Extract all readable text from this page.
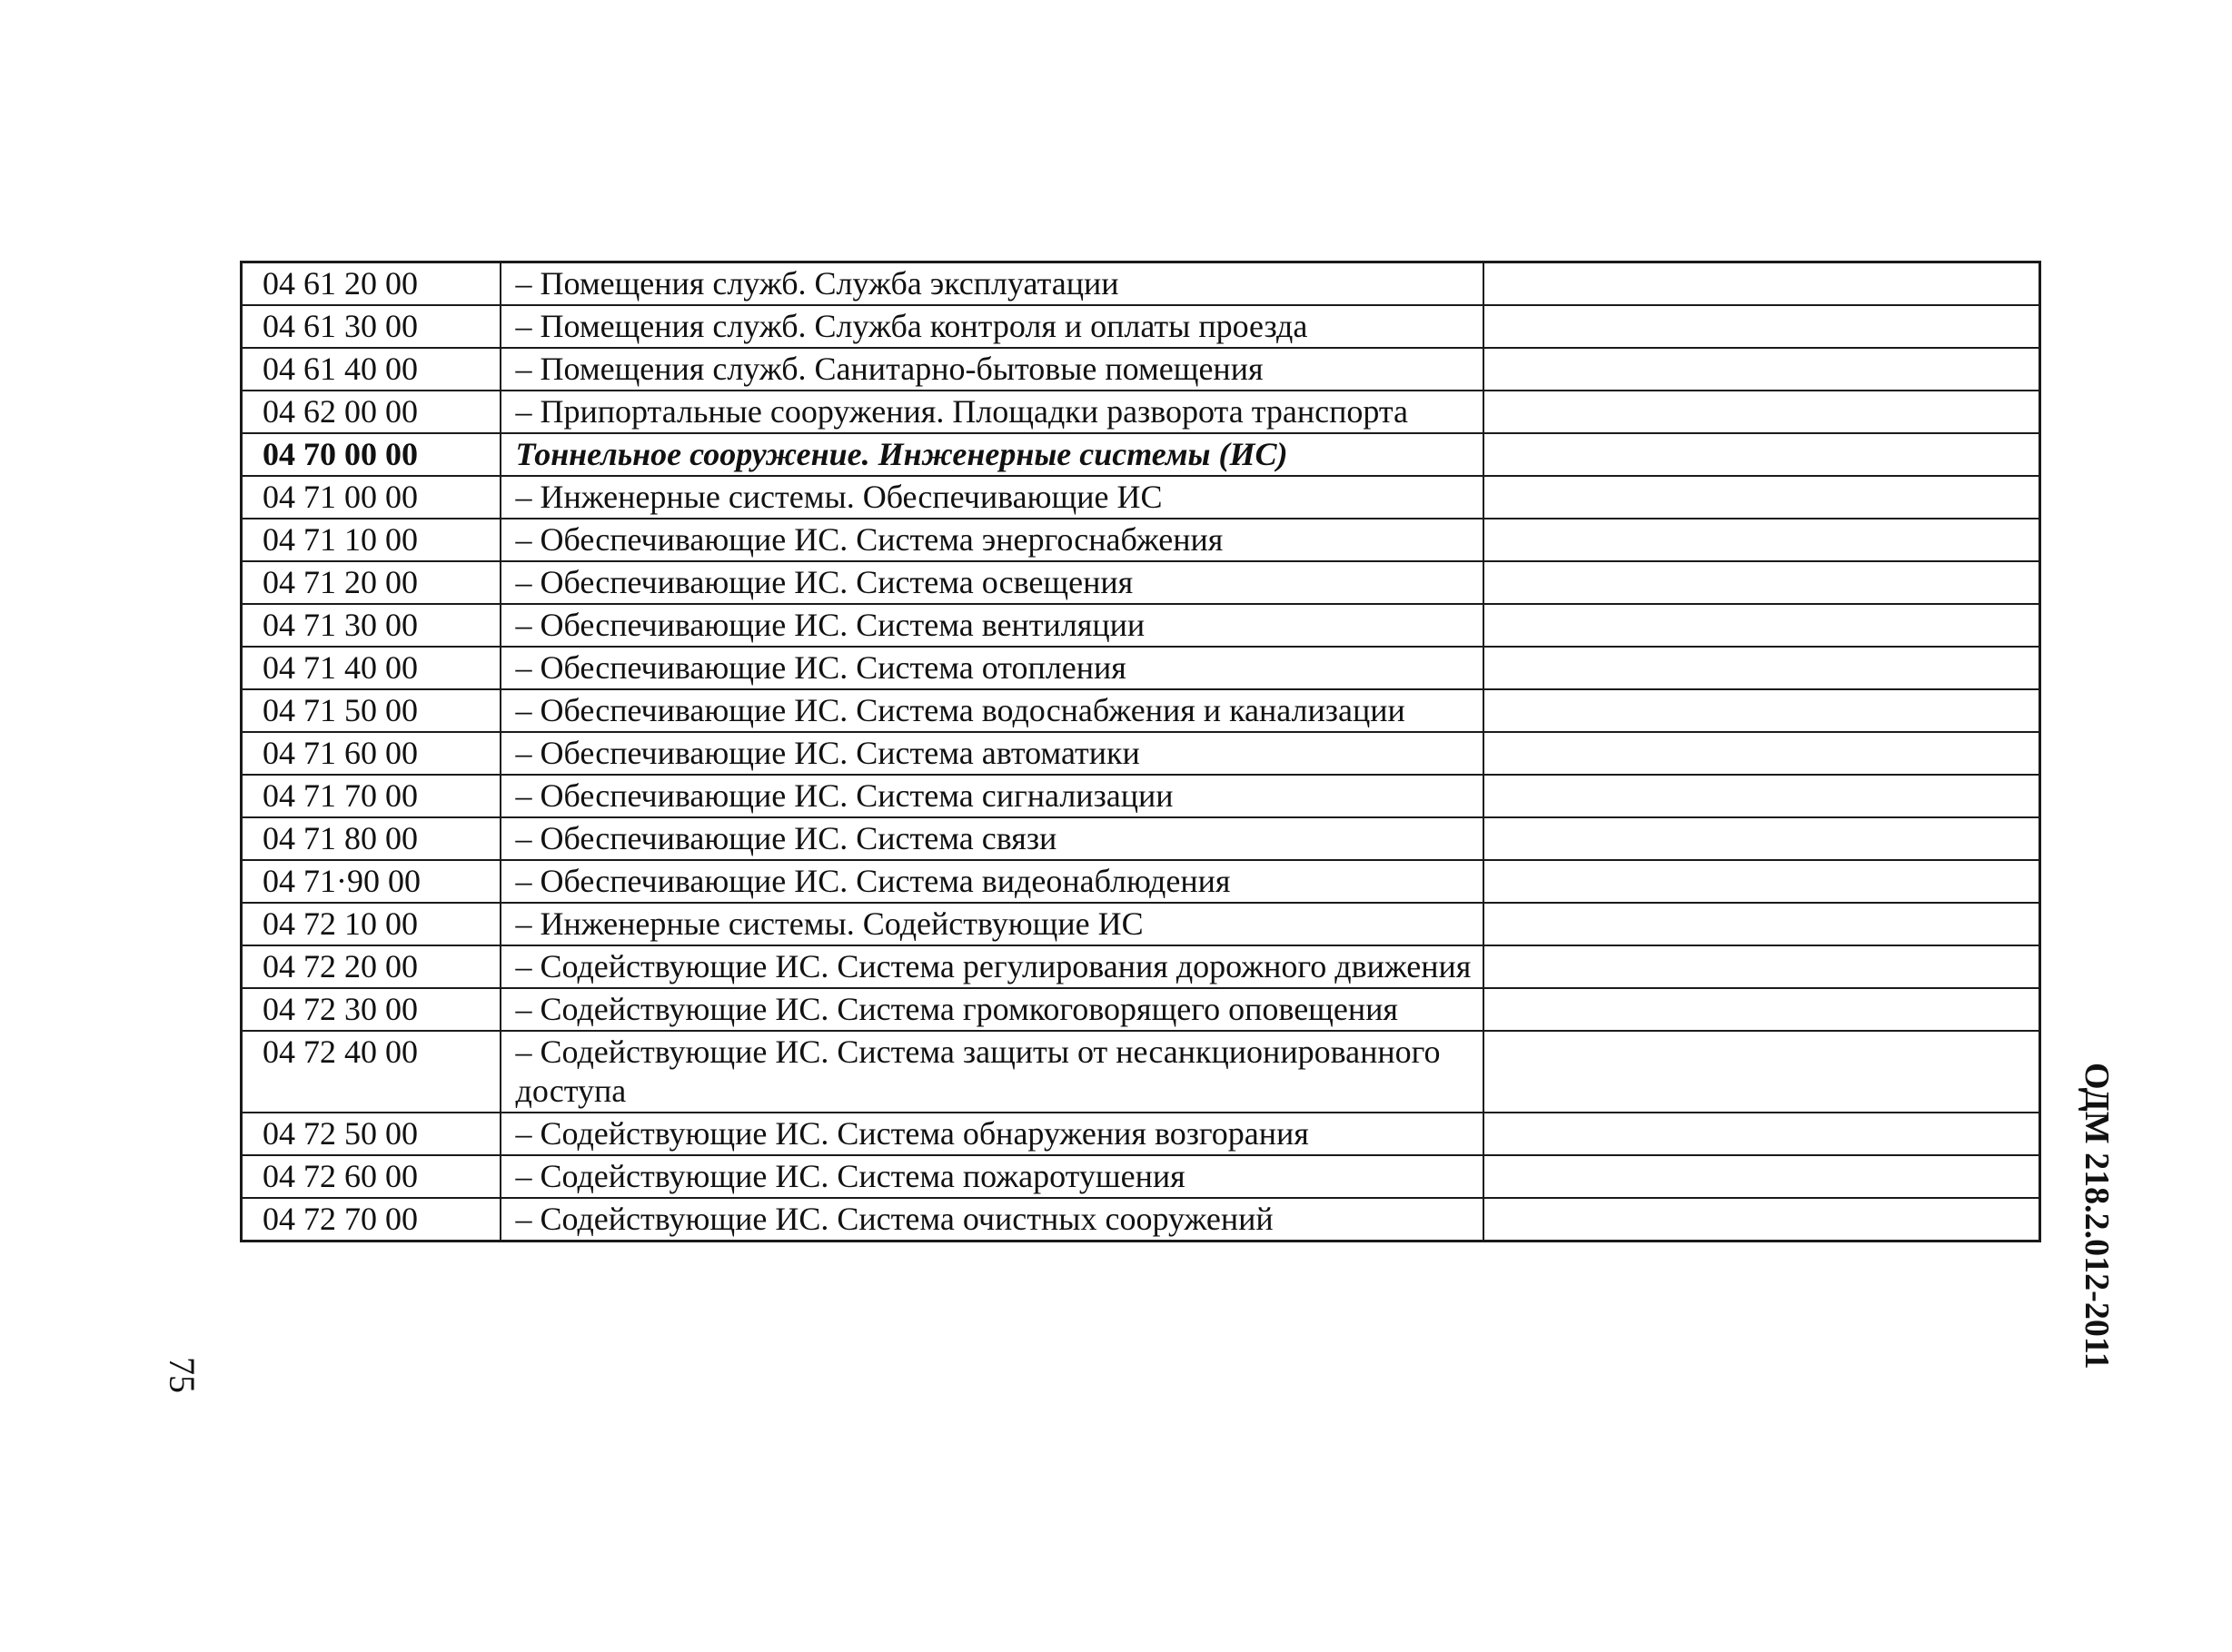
04 61 20 00	– Помещения служб. Служба эксплуатации	
04 61 30 00	– Помещения служб. Служба контроля и оплаты проезда	
04 61 40 00	– Помещения служб. Санитарно-бытовые помещения	
04 62 00 00	– Припортальные сооружения. Площадки разворота транспорта	
04 70 00 00	Тоннельное сооружение. Инженерные системы (ИС)	
04 71 00 00	– Инженерные системы. Обеспечивающие ИС	
04 71 10 00	– Обеспечивающие ИС. Система энергоснабжения	
04 71 20 00	– Обеспечивающие ИС. Система освещения	
04 71 30 00	– Обеспечивающие ИС. Система вентиляции	
04 71 40 00	– Обеспечивающие ИС. Система отопления	
04 71 50 00	– Обеспечивающие ИС. Система водоснабжения и канализации	
04 71 60 00	– Обеспечивающие ИС. Система автоматики	
04 71 70 00	– Обеспечивающие ИС. Система сигнализации	
04 71 80 00	– Обеспечивающие ИС. Система связи	
04 71·90 00	– Обеспечивающие ИС. Система видеонаблюдения	
04 72 10 00	– Инженерные системы. Содействующие ИС	
04 72 20 00	– Содействующие ИС. Система регулирования дорожного движения	
04 72 30 00	– Содействующие ИС. Система громкоговорящего оповещения	
04 72 40 00	– Содействующие ИС. Система защиты от несанкционированного доступа	
04 72 50 00	– Содействующие ИС. Система обнаружения возгорания	
04 72 60 00	– Содействующие ИС. Система пожаротушения	
04 72 70 00	– Содействующие ИС. Система очистных сооружений		ОДМ 218.2.012-2011
75
